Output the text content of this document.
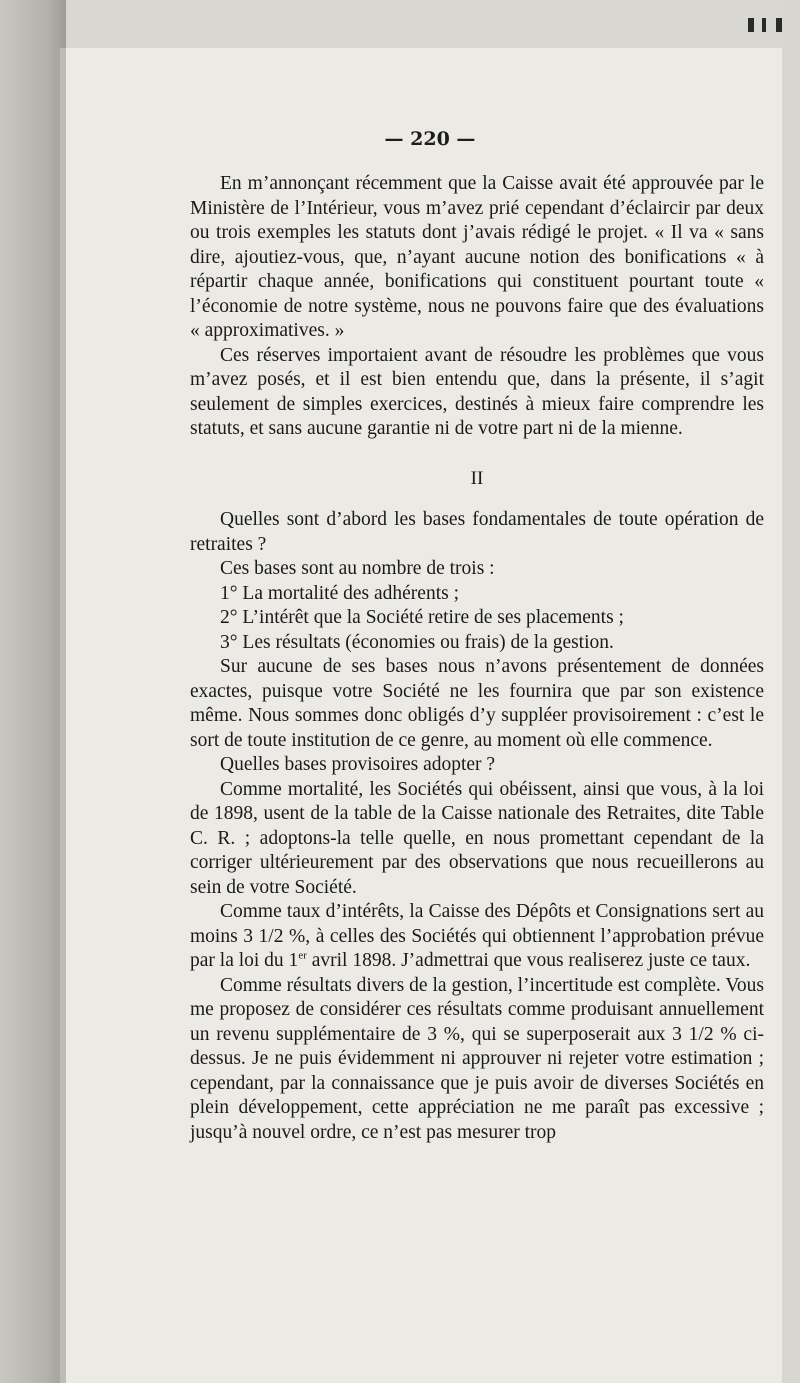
— 220 —

En m’annonçant récemment que la Caisse avait été approuvée par le Ministère de l’Intérieur, vous m’avez prié cependant d’éclaircir par deux ou trois exemples les statuts dont j’avais rédigé le projet. « Il va « sans dire, ajoutiez-vous, que, n’ayant aucune notion des bonifications « à répartir chaque année, bonifications qui constituent pourtant toute « l’économie de notre système, nous ne pouvons faire que des évaluations « approximatives. »

Ces réserves importaient avant de résoudre les problèmes que vous m’avez posés, et il est bien entendu que, dans la présente, il s’agit seulement de simples exercices, destinés à mieux faire comprendre les statuts, et sans aucune garantie ni de votre part ni de la mienne.

II

Quelles sont d’abord les bases fondamentales de toute opération de retraites ?

Ces bases sont au nombre de trois :

1° La mortalité des adhérents ;

2° L’intérêt que la Société retire de ses placements ;

3° Les résultats (économies ou frais) de la gestion.

Sur aucune de ses bases nous n’avons présentement de données exactes, puisque votre Société ne les fournira que par son existence même. Nous sommes donc obligés d’y suppléer provisoirement : c’est le sort de toute institution de ce genre, au moment où elle commence.

Quelles bases provisoires adopter ?

Comme mortalité, les Sociétés qui obéissent, ainsi que vous, à la loi de 1898, usent de la table de la Caisse nationale des Retraites, dite Table C. R. ; adoptons-la telle quelle, en nous promettant cependant de la corriger ultérieurement par des observations que nous recueillerons au sein de votre Société.

Comme taux d’intérêts, la Caisse des Dépôts et Consignations sert au moins 3 1/2 %, à celles des Sociétés qui obtiennent l’approbation prévue par la loi du 1er avril 1898. J’admettrai que vous realiserez juste ce taux.

Comme résultats divers de la gestion, l’incertitude est complète. Vous me proposez de considérer ces résultats comme produisant annuellement un revenu supplémentaire de 3 %, qui se superposerait aux 3 1/2 % ci-dessus. Je ne puis évidemment ni approuver ni rejeter votre estimation ; cependant, par la connaissance que je puis avoir de diverses Sociétés en plein développement, cette appréciation ne me paraît pas excessive ; jusqu’à nouvel ordre, ce n’est pas mesurer trop
